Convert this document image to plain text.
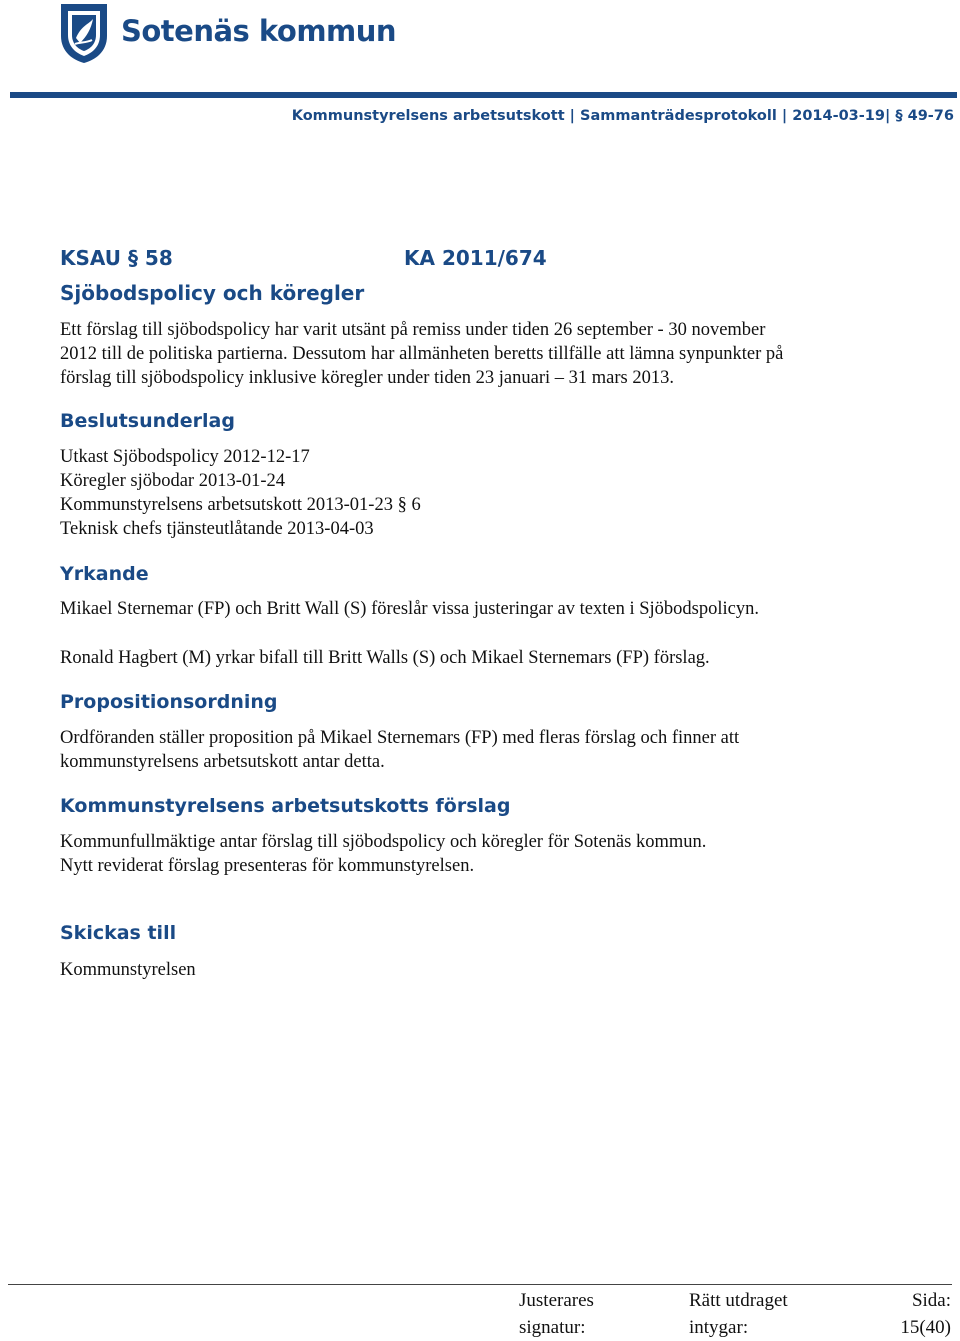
Sotenäs kommun
Kommunstyrelsens arbetsutskott | Sammanträdesprotokoll | 2014-03-19| § 49-76
KSAU § 58	KA 2011/674
Sjöbodspolicy och köregler
Ett förslag till sjöbodspolicy har varit utsänt på remiss under tiden 26 september - 30 november
2012 till de politiska partierna. Dessutom har allmänheten beretts tillfälle att lämna synpunkter på
förslag till sjöbodspolicy inklusive köregler under tiden 23 januari – 31 mars 2013.
Beslutsunderlag
Utkast Sjöbodspolicy 2012-12-17
Köregler sjöbodar 2013-01-24
Kommunstyrelsens arbetsutskott 2013-01-23 § 6
Teknisk chefs tjänsteutlåtande 2013-04-03
Yrkande
Mikael Sternemar (FP) och Britt Wall (S) föreslår vissa justeringar av texten i Sjöbodspolicyn.
Ronald Hagbert (M) yrkar bifall till Britt Walls (S) och Mikael Sternemars (FP) förslag.
Propositionsordning
Ordföranden ställer proposition på Mikael Sternemars (FP) med fleras förslag och finner att
kommunstyrelsens arbetsutskott antar detta.
Kommunstyrelsens arbetsutskotts förslag
Kommunfullmäktige antar förslag till sjöbodspolicy och köregler för Sotenäs kommun.
Nytt reviderat förslag presenteras för kommunstyrelsen.
Skickas till
Kommunstyrelsen
Justerares
signatur:
Rätt utdraget
intygar:
Sida:
15(40)
